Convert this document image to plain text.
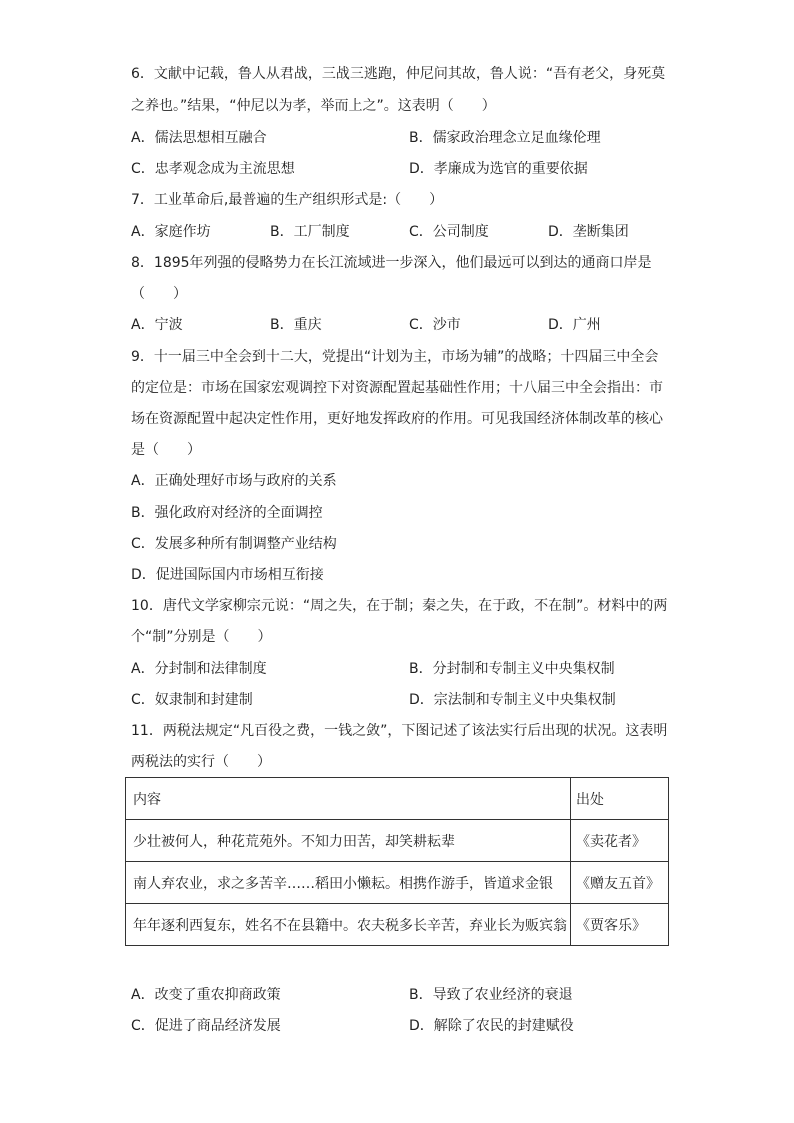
6．文献中记载，鲁人从君战，三战三逃跑，仲尼问其故，鲁人说：“吾有老父，身死莫
之养也。”结果，“仲尼以为孝，举而上之”。这表明（　　）
A．儒法思想相互融合	B．儒家政治理念立足血缘伦理
C．忠孝观念成为主流思想	D．孝廉成为选官的重要依据
7．工业革命后,最普遍的生产组织形式是:（　　）
A．家庭作坊	B．工厂制度	C．公司制度	D．垄断集团
8．1895年列强的侵略势力在长江流域进一步深入，他们最远可以到达的通商口岸是
（　　）
A．宁波	B．重庆	C．沙市	D．广州
9．十一届三中全会到十二大，党提出“计划为主，市场为辅”的战略；十四届三中全会
的定位是：市场在国家宏观调控下对资源配置起基础性作用；十八届三中全会指出：市
场在资源配置中起决定性作用，更好地发挥政府的作用。可见我国经济体制改革的核心
是（　　）
A．正确处理好市场与政府的关系
B．强化政府对经济的全面调控
C．发展多种所有制调整产业结构
D．促进国际国内市场相互衔接
10．唐代文学家柳宗元说：“周之失，在于制；秦之失，在于政，不在制”。材料中的两
个“制”分别是（　　）
A．分封制和法律制度	B．分封制和专制主义中央集权制
C．奴隶制和封建制	D．宗法制和专制主义中央集权制
11．两税法规定“凡百役之费，一钱之敛”，下图记述了该法实行后出现的状况。这表明
两税法的实行（　　）
内容	出处
少壮被何人，种花荒苑外。不知力田苦，却笑耕耘辈	《卖花者》
南人弃农业，求之多苦辛……稻田小懒耘。相携作游手，皆道求金银	《赠友五首》
年年逐利西复东，姓名不在县籍中。农夫税多长辛苦，弃业长为贩宾翁	《贾客乐》
A．改变了重农抑商政策	B．导致了农业经济的衰退
C．促进了商品经济发展	D．解除了农民的封建赋役
